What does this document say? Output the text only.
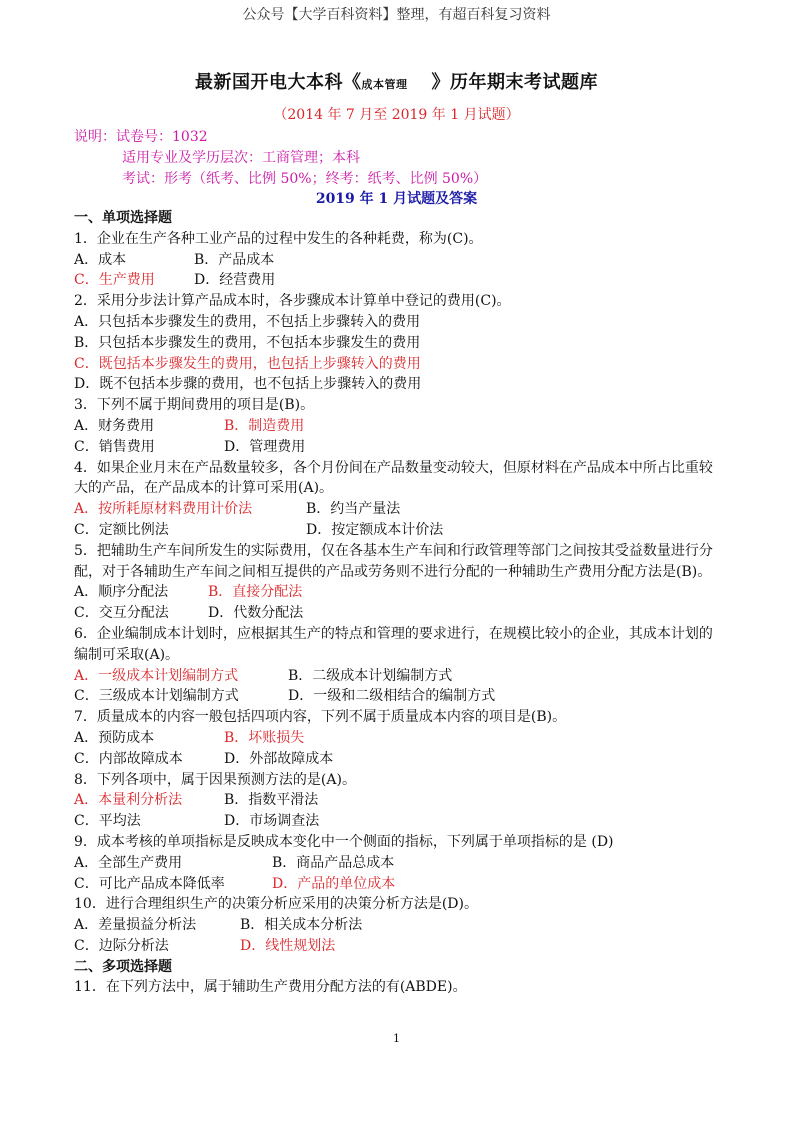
公众号【大学百科资料】整理，有超百科复习资料
最新国开电大本科《成本管理 》历年期末考试题库
（2014 年 7 月至 2019 年 1 月试题）
说明：试卷号：1032
适用专业及学历层次：工商管理；本科
考试：形考（纸考、比例 50%；终考：纸考、比例 50%）
2019 年 1 月试题及答案
一、单项选择题
1．企业在生产各种工业产品的过程中发生的各种耗费，称为(C)。
A．成本	B．产品成本
C．生产费用	D．经营费用
2．采用分步法计算产品成本时，各步骤成本计算单中登记的费用(C)。
A．只包括本步骤发生的费用，不包括上步骤转入的费用
B．只包括本步骤发生的费用，不包括本步骤发生的费用
C．既包括本步骤发生的费用，也包括上步骤转入的费用
D．既不包括本步骤的费用，也不包括上步骤转入的费用
3．下列不属于期间费用的项目是(B)。
A．财务费用	B．制造费用
C．销售费用	D．管理费用
4．如果企业月末在产品数量较多，各个月份间在产品数量变动较大，但原材料在产品成本中所占比重较大的产品，在产品成本的计算可采用(A)。
A．按所耗原材料费用计价法	B．约当产量法
C．定额比例法	D．按定额成本计价法
5．把辅助生产车间所发生的实际费用，仅在各基本生产车间和行政管理等部门之间按其受益数量进行分配，对于各辅助生产车间之间相互提供的产品或劳务则不进行分配的一种辅助生产费用分配方法是(B)。
A．顺序分配法	B．直接分配法
C．交互分配法	D．代数分配法
6．企业编制成本计划时，应根据其生产的特点和管理的要求进行，在规模比较小的企业，其成本计划的编制可采取(A)。
A．一级成本计划编制方式	B．二级成本计划编制方式
C．三级成本计划编制方式	D．一级和二级相结合的编制方式
7．质量成本的内容一般包括四项内容，下列不属于质量成本内容的项目是(B)。
A．预防成本	B．坏账损失
C．内部故障成本	D．外部故障成本
8．下列各项中，属于因果预测方法的是(A)。
A．本量利分析法	B．指数平滑法
C．平均法	D．市场调查法
9．成本考核的单项指标是反映成本变化中一个侧面的指标，下列属于单项指标的是 (D)
A．全部生产费用	B．商品产品总成本
C．可比产品成本降低率	D．产品的单位成本
10．进行合理组织生产的决策分析应采用的决策分析方法是(D)。
A．差量损益分析法	B．相关成本分析法
C．边际分析法	D．线性规划法
二、多项选择题
11．在下列方法中，属于辅助生产费用分配方法的有(ABDE)。
1
